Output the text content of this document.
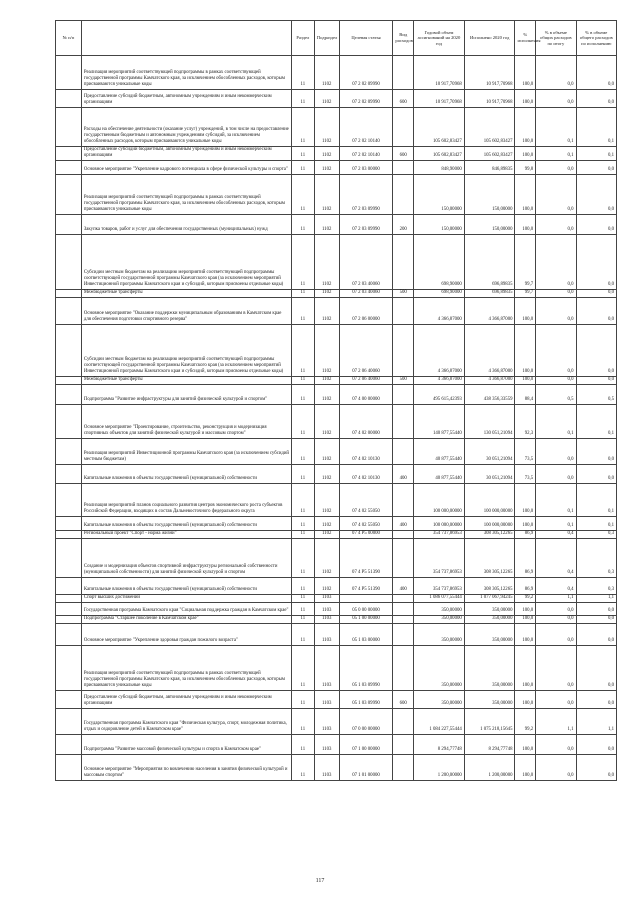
№ п/п		Раздел	Подраздел	Целевая статья	Вид расходов	Годовой объем ассигнований на 2020 год	Исполнено 2020 год	% исполнения	% в объеме общих расходов по итогу	% в объеме общего расходов по исполнению
	Реализация мероприятий соответствующей подпрограммы в рамках соответствующей государственной программы Камчатского края, за исключением обособленных расходов, которым присваиваются уникальные коды	11	1102	07 2 02 09990		10 917,70968	10 917,70968	100,0	0,0	0,0
	Предоставление субсидий бюджетным, автономным учреждениям и иным некоммерческим организациям	11	1102	07 2 02 09990	600	10 917,70968	10 917,70968	100,0	0,0	0,0
	Расходы на обеспечение деятельности (оказание услуг) учреждений, в том числе на предоставление государственным бюджетным и автономным учреждениям субсидий, за исключением обособленных расходов, которым присваиваются уникальные коды	11	1102	07 2 02 10140		105 602,83427	105 602,83427	100,0	0,1	0,1
	Предоставление субсидий бюджетным, автономным учреждениям и иным некоммерческим организациям	11	1102	07 2 02 10140	600	105 602,83427	105 602,83427	100,0	0,1	0,1
	Основное мероприятие "Укрепление кадрового потенциала в сфере физической культуры и спорта"	11	1102	07 2 03 00000		848,90000	846,89835	99,8	0,0	0,0
	Реализация мероприятий соответствующей подпрограммы в рамках соответствующей государственной программы Камчатского края, за исключением обособленных расходов, которым присваиваются уникальные коды	11	1102	07 2 03 09990		150,00000	150,00000	100,0	0,0	0,0
	Закупка товаров, работ и услуг для обеспечения государственных (муниципальных) нужд	11	1102	07 2 03 09990	200	150,00000	150,00000	100,0	0,0	0,0
	Субсидии местным бюджетам на реализацию мероприятий соответствующей подпрограммы соответствующей государственной программы Камчатского края (за исключением мероприятий Инвестиционной программы Камчатского края и субсидий, которым присвоены отдельные коды)	11	1102	07 2 03 40060		698,90000	696,89835	99,7	0,0	0,0
	Межбюджетные трансферты	11	1102	07 2 03 40060	500	698,90000	696,89835	99,7	0,0	0,0
	Основное мероприятие "Оказание поддержки муниципальным образованиям в Камчатском крае для обеспечения подготовки спортивного резерва"	11	1102	07 2 06 00000		4 366,87000	4 366,87000	100,0	0,0	0,0
	Субсидии местным бюджетам на реализацию мероприятий соответствующей подпрограммы соответствующей государственной программы Камчатского края (за исключением мероприятий Инвестиционной программы Камчатского края и субсидий, которым присвоены отдельные коды)	11	1102	07 2 06 40060		4 366,87000	4 366,87000	100,0	0,0	0,0
	Межбюджетные трансферты	11	1102	07 2 06 40060	500	4 366,87000	4 366,87000	100,0	0,0	0,0
	Подпрограмма "Развитие инфраструктуры для занятий физической культурой и спортом"	11	1102	07 4 00 00000		495 615,42393	438 356,33559	88,4	0,5	0,5
	Основное мероприятие "Проектирование, строительство, реконструкция и модернизация спортивных объектов для занятий физической культурой и массовым спортом"	11	1102	07 4 02 00000		140 877,55440	130 051,21094	92,3	0,1	0,1
	Реализация мероприятий Инвестиционной программы Камчатского края (за исключением субсидий местным бюджетам)	11	1102	07 4 02 10130		40 877,55440	30 051,21094	73,5	0,0	0,0
	Капитальные вложения в объекты государственной (муниципальной) собственности	11	1102	07 4 02 10130	400	40 877,55440	30 051,21094	73,5	0,0	0,0
	Реализация мероприятий планов социального развития центров экономического роста субъектов Российской Федерации, входящих в состав Дальневосточного федерального округа	11	1102	07 4 02 55050		100 000,00000	100 000,00000	100,0	0,1	0,1
	Капитальные вложения в объекты государственной (муниципальной) собственности	11	1102	07 4 02 55050	400	100 000,00000	100 000,00000	100,0	0,1	0,1
	Региональный проект "Спорт - норма жизни"	11	1102	07 4 P5 00000		354 737,86953	308 305,12265	86,9	0,4	0,3
	Создание и модернизация объектов спортивной инфраструктуры региональной собственности (муниципальной собственности) для занятий физической культурой и спортом	11	1102	07 4 P5 51390		354 737,86953	308 305,12265	86,9	0,4	0,3
	Капитальные вложения в объекты государственной (муниципальной) собственности	11	1102	07 4 P5 51390	400	354 737,86953	308 305,12265	86,9	0,4	0,3
	Спорт высших достижений	11	1103			1 086 077,55444	1 077 067,94245	99,2	1,1	1,1
	Государственная программа Камчатского края "Социальная поддержка граждан в Камчатском крае"	11	1103	05 0 00 00000		350,00000	350,00000	100,0	0,0	0,0
	Подпрограмма "Старшее поколение в Камчатском крае"	11	1103	05 1 00 00000		350,00000	350,00000	100,0	0,0	0,0
	Основное мероприятие "Укрепление здоровья граждан пожилого возраста"	11	1103	05 1 03 00000		350,00000	350,00000	100,0	0,0	0,0
	Реализация мероприятий соответствующей подпрограммы в рамках соответствующей государственной программы Камчатского края, за исключением обособленных расходов, которым присваиваются уникальные коды	11	1103	05 1 03 09990		350,00000	350,00000	100,0	0,0	0,0
	Предоставление субсидий бюджетным, автономным учреждениям и иным некоммерческим организациям	11	1103	05 1 03 09990	600	350,00000	350,00000	100,0	0,0	0,0
	Государственная программа Камчатского края "Физическая культура, спорт, молодежная политика, отдых и оздоровление детей в Камчатском крае"	11	1103	07 0 00 00000		1 084 227,55444	1 075 218,15645	99,2	1,1	1,1
	Подпрограмма "Развитие массовой физической культуры и спорта в Камчатском крае"	11	1103	07 1 00 00000		8 294,77748	8 294,77748	100,0	0,0	0,0
	Основное мероприятие "Мероприятия по вовлечению населения в занятия физической культурой и массовым спортом"	11	1103	07 1 01 00000		1 200,00000	1 200,00000	100,0	0,0	0,0
117
